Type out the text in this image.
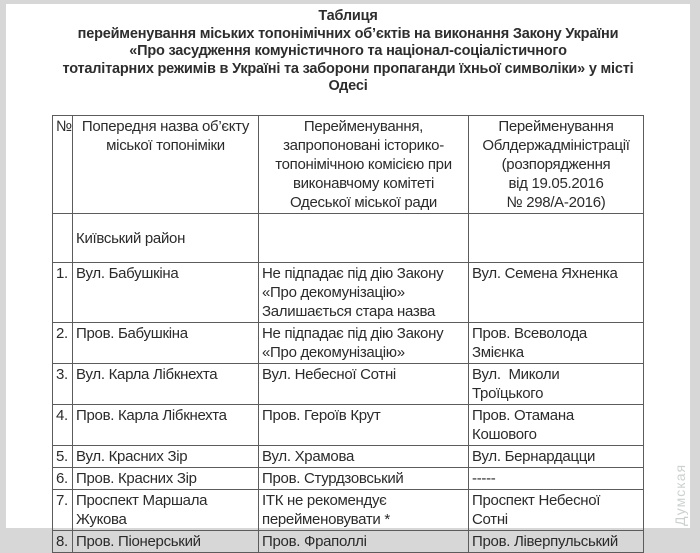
Таблиця
перейменування міських топонімічних об’єктів на виконання Закону України
«Про засудження комуністичного та націонал-соціалістичного
тоталітарних режимів в Україні та заборони пропаганди їхньої символіки» у місті
Одесі
№	Попередня назва об’єкту
міської топоніміки	Перейменування,
запропоновані історико-
топонімічною комісією при
виконавчому комітеті
Одеської міської ради	Перейменування
Облдержадміністрації
(розпорядження
від 19.05.2016
№ 298/А-2016)
	Київський район		
1.	Вул. Бабушкіна	Не підпадає під дію Закону
«Про декомунізацію»
Залишається стара назва	Вул. Семена Яхненка
2.	Пров. Бабушкіна	Не підпадає під дію Закону
«Про декомунізацію»	Пров. Всеволода
Змієнка
3.	Вул. Карла Лібкнехта	Вул. Небесної Сотні	Вул.  Миколи
Троїцького
4.	Пров. Карла Лібкнехта	Пров. Героїв Крут	Пров. Отамана
Кошового
5.	Вул. Красних Зір	Вул. Храмова	Вул. Бернардацци
6.	Пров. Красних Зір	Пров. Стурдзовський	-----
7.	Проспект Маршала
Жукова	ІТК не рекомендує
перейменовувати *	Проспект Небесної
Сотні
8.	Пров. Піонерський	Пров. Фраполлі	Пров. Ліверпульський
Думская
